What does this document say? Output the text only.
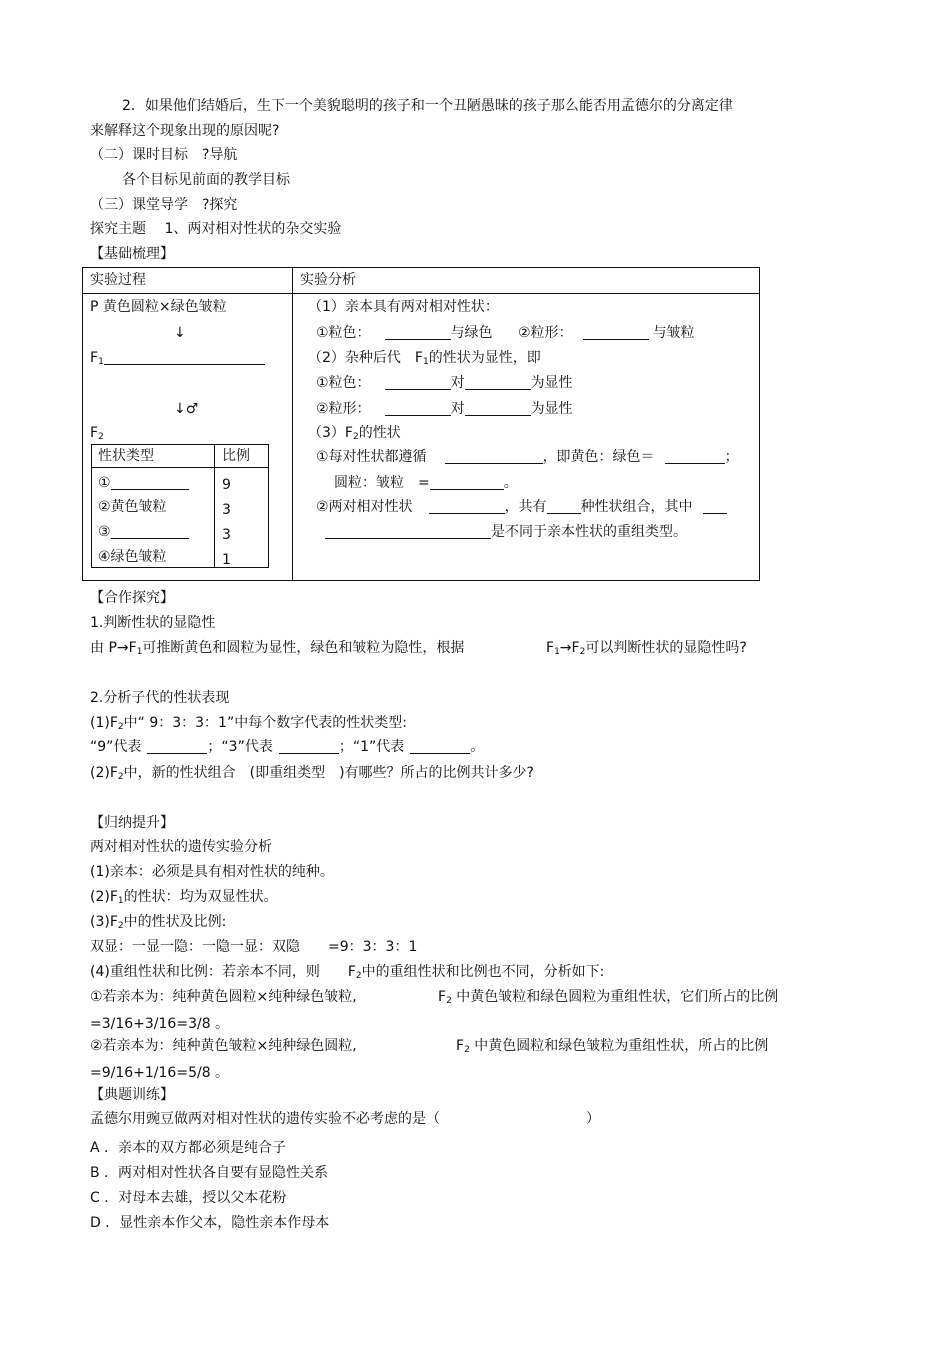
2．如果他们结婚后，生下一个美貌聪明的孩子和一个丑陋愚昧的孩子那么能否用孟德尔的分离定律
来解释这个现象出现的原因呢?
（二）课时目标　?导航
各个目标见前面的教学目标
（三）课堂导学　?探究
探究主题　 1、两对相对性状的杂交实验
【基础梳理】
实验过程	实验分析
P 黄色圆粒×绿色皱粒
↓
$F_1$
↓♂
$F_2$
性状类型	比例
①	9
②黄色皱粒	3
③	3
④绿色皱粒	1
（1）亲本具有两对相对性状：
①粒色：	与绿色 ②粒形：	与皱粒
（2）杂种后代　$F_1$的性状为显性，即
①粒色：	对	为显性
②粒形：	对	为显性
$(3)F_2$的性状
①每对性状都遵循	，即黄色：绿色＝	；
圆粒：皱粒　=	。
②两对相对性状	，共有 种性状组合，其中
是不同于亲本性状的重组类型。
【合作探究】
1.判断性状的显隐性
由 $P\to F_1$可推断黄色和圆粒为显性，绿色和皱粒为隐性，根据	$F_1\to F_2$可以判断性状的显隐性吗?
2.分析子代的性状表现
$(1)F_2$中“ 9：3：3：1”中每个数字代表的性状类型:
“9”代表	；“3”代表	；“1”代表	。
$(2)F_2$中，新的性状组合　(即重组类型　)有哪些？所占的比例共计多少?
【归纳提升】
两对相对性状的遗传实验分析
(1)亲本：必须是具有相对性状的纯种。
$(2)F_1$的性状：均为双显性状。
$(3)F_2$中的性状及比例:
双显：一显一隐：一隐一显：双隐　　=9：3：3：1
(4)重组性状和比例：若亲本不同，则　　$F_2$中的重组性状和比例也不同，分析如下:
①若亲本为：纯种黄色圆粒×纯种绿色皱粒,	$F_2$ 中黄色皱粒和绿色圆粒为重组性状，它们所占的比例
=3/16+3/16=3/8 。
②若亲本为：纯种黄色皱粒×纯种绿色圆粒,	$F_2$ 中黄色圆粒和绿色皱粒为重组性状，所占的比例
=9/16+1/16=5/8 。
【典题训练】
孟德尔用豌豆做两对相对性状的遗传实验不必考虑的是（	）
A ．亲本的双方都必须是纯合子
B ．两对相对性状各自要有显隐性关系
C ．对母本去雄，授以父本花粉
D ．显性亲本作父本，隐性亲本作母本
